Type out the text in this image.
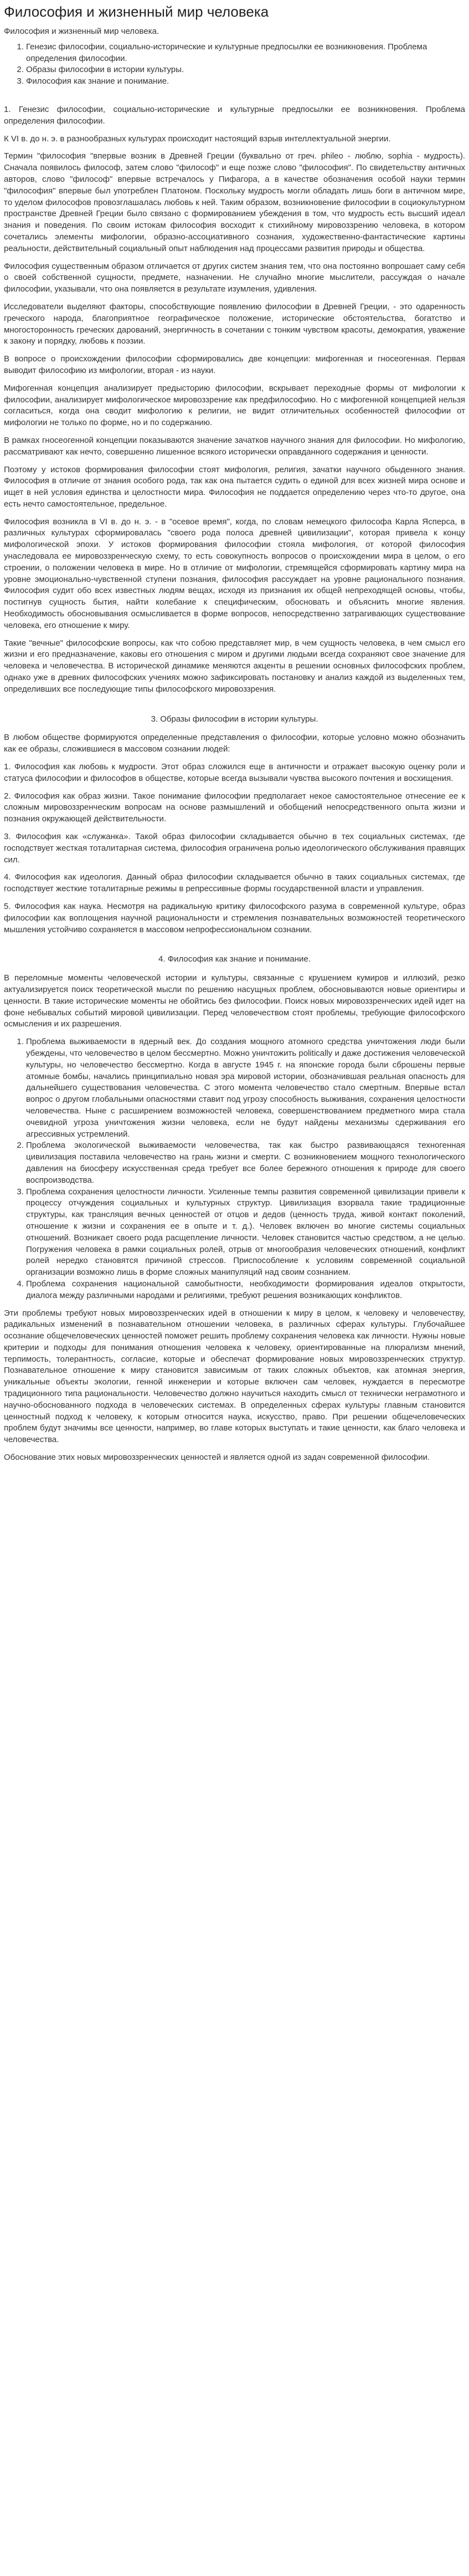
Философия и жизненный мир человека

Философия и жизненный мир человека.

1. Генезис философии, социально-исторические и культурные предпосылки ее возникновения. Проблема определения философии.
2. Образы философии в истории культуры.
3. Философия как знание и понимание.

1. Генезис философии, социально-исторические и культурные предпосылки ее возникновения. Проблема определения философии.

К VI в. до н. э. в разнообразных культурах происходит настоящий взрыв интеллектуальной энергии.

Термин "философия "впервые возник в Древней Греции (буквально от греч. phileo - люблю, sophia - мудрость). Сначала появилось философ, затем слово "философ" и еще позже слово "философия". По свидетельству античных авторов, слово "философ" впервые встречалось у Пифагора, а в качестве обозначения особой науки термин "философия" впервые был употреблен Платоном. Поскольку мудрость могли обладать лишь боги в античном мире, то уделом философов провозглашалась любовь к ней. Таким образом, возникновение философии в социокультурном пространстве Древней Греции было связано с формированием убеждения в том, что мудрость есть высший идеал знания и поведения. По своим истокам философия восходит к стихийному мировоззрению человека, в котором сочетались элементы мифологии, образно-ассоциативного сознания, художественно-фантастические картины реальности, действительный социальный опыт наблюдения над процессами развития природы и общества.

Философия существенным образом отличается от других систем знания тем, что она постоянно вопрошает саму себя о своей собственной сущности, предмете, назначении. Не случайно многие мыслители, рассуждая о начале философии, указывали, что она появляется в результате изумления, удивления.

Исследователи выделяют факторы, способствующие появлению философии в Древней Греции, - это одаренность греческого народа, благоприятное географическое положение, исторические обстоятельства, богатство и многосторонность греческих дарований, энергичность в сочетании с тонким чувством красоты, демократия, уважение к закону и порядку, любовь к поэзии.

В вопросе о происхождении философии сформировались две концепции: мифогенная и гносеогенная. Первая выводит философию из мифологии, вторая - из науки.

Мифогенная концепция анализирует предысторию философии, вскрывает переходные формы от мифологии к философии, анализирует мифологическое мировоззрение как предфилософию. Но с мифогенной концепцией нельзя согласиться, когда она сводит мифологию к религии, не видит отличительных особенностей философии от мифологии не только по форме, но и по содержанию.

В рамках гносеогенной концепции показываются значение зачатков научного знания для философии. Но мифологию, рассматривают как нечто, совершенно лишенное всякого исторически оправданного содержания и ценности.

Поэтому у истоков формирования философии стоят мифология, религия, зачатки научного обыденного знания. Философия в отличие от знания особого рода, так как она пытается судить о единой для всех жизней мира основе и ищет в ней условия единства и целостности мира. Философия не поддается определению через что-то другое, она есть нечто самостоятельное, предельное.

Философия возникла в VI в. до н. э. - в "осевое время", когда, по словам немецкого философа Карла Ясперса, в различных культурах сформировалась "своего рода полоса древней цивилизации", которая привела к концу мифологической эпохи. У истоков формирования философии стояла мифология, от которой философия унаследовала ее мировоззренческую схему, то есть совокупность вопросов о происхождении мира в целом, о его строении, о положении человека в мире. Но в отличие от мифологии, стремящейся сформировать картину мира на уровне эмоционально-чувственной ступени познания, философия рассуждает на уровне рационального познания. Философия судит обо всех известных людям вещах, исходя из признания их общей непреходящей основы, чтобы, постигнув сущность бытия, найти колебание к специфическим, обосновать и объяснить многие явления. Необходимость обосновывания осмысливается в форме вопросов, непосредственно затрагивающих существование человека, его отношение к миру.

Такие "вечные" философские вопросы, как что собою представляет мир, в чем сущность человека, в чем смысл его жизни и его предназначение, каковы его отношения с миром и другими людьми всегда сохраняют свое значение для человека и человечества. В исторической динамике меняются акценты в решении основных философских проблем, однако уже в древних философских учениях можно зафиксировать постановку и анализ каждой из выделенных тем, определивших все последующие типы философского мировоззрения.

3. Образы философии в истории культуры.

В любом обществе формируются определенные представления о философии, которые условно можно обозначить как ее образы, сложившиеся в массовом сознании людей:

1. Философия как любовь к мудрости. Этот образ сложился еще в античности и отражает высокую оценку роли и статуса философии и философов в обществе, которые всегда вызывали чувства высокого почтения и восхищения.

2. Философия как образ жизни. Такое понимание философии предполагает некое самостоятельное отнесение ее к сложным мировоззренческим вопросам на основе размышлений и обобщений непосредственного опыта жизни и познания окружающей действительности.

3. Философия как «служанка». Такой образ философии складывается обычно в тех социальных системах, где господствует жесткая тоталитарная система, философия ограничена ролью идеологического обслуживания правящих сил.

4. Философия как идеология. Данный образ философии складывается обычно в таких социальных системах, где господствует жесткие тоталитарные режимы в репрессивные формы государственной власти и управления.

5. Философия как наука. Несмотря на радикальную критику философского разума в современной культуре, образ философии как воплощения научной рациональности и стремления познавательных возможностей теоретического мышления устойчиво сохраняется в массовом непрофессиональном сознании.

4. Философия как знание и понимание.

В переломные моменты человеческой истории и культуры, связанные с крушением кумиров и иллюзий, резко актуализируется поиск теоретической мысли по решению насущных проблем, обосновываются новые ориентиры и ценности. В такие исторические моменты не обойтись без философии. Поиск новых мировоззренческих идей идет на фоне небывалых событий мировой цивилизации. Перед человечеством стоят проблемы, требующие философского осмысления и их разрешения.

1. Проблема выживаемости в ядерный век. До создания мощного атомного средства уничтожения люди были убеждены, что человечество в целом бессмертно. Можно уничтожить politically и даже достижения человеческой культуры, но человечество бессмертно. Когда в августе 1945 г. на японские города были сброшены первые атомные бомбы, начались принципиально новая эра мировой истории, обозначившая реальная опасность для дальнейшего существования человечества. С этого момента человечество стало смертным. Впервые встал вопрос о другом глобальными опасностями ставит под угрозу способность выживания, сохранения целостности человечества. Ныне с расширением возможностей человека, совершенствованием предметного мира стала очевидной угроза уничтожения жизни человека, если не будут найдены механизмы сдерживания его агрессивных устремлений.
2. Проблема экологической выживаемости человечества, так как быстро развивающаяся техногенная цивилизация поставила человечество на грань жизни и смерти. С возникновением мощного технологического давления на биосферу искусственная среда требует все более бережного отношения к природе для своего воспроизводства.
3. Проблема сохранения целостности личности. Усиленные темпы развития современной цивилизации привели к процессу отчуждения социальных и культурных структур. Цивилизация взорвала такие традиционные структуры, как трансляция вечных ценностей от отцов и дедов (ценность труда, живой контакт поколений, отношение к жизни и сохранения ее в опыте и т. д.). Человек включен во многие системы социальных отношений. Возникает своего рода расщепление личности. Человек становится частью средством, а не целью. Погружения человека в рамки социальных ролей, отрыв от многообразия человеческих отношений, конфликт ролей нередко становятся причиной стрессов. Приспособление к условиям современной социальной организации возможно лишь в форме сложных манипуляций над своим сознанием.
4. Проблема сохранения национальной самобытности, необходимости формирования идеалов открытости, диалога между различными народами и религиями, требуют решения возникающих конфликтов.

Эти проблемы требуют новых мировоззренческих идей в отношении к миру в целом, к человеку и человечеству, радикальных изменений в познавательном отношении человека, в различных сферах культуры. Глубочайшее осознание общечеловеческих ценностей поможет решить проблему сохранения человека как личности. Нужны новые критерии и подходы для понимания отношения человека к человеку, ориентированные на плюрализм мнений, терпимость, толерантность, согласие, которые и обеспечат формирование новых мировоззренческих структур. Познавательное отношение к миру становится зависимым от таких сложных объектов, как атомная энергия, уникальные объекты экологии, генной инженерии и которые включен сам человек, нуждается в пересмотре традиционного типа рациональности. Человечество должно научиться находить смысл от технически неграмотного и научно-обоснованного подхода в человеческих системах. В определенных сферах культуры главным становится ценностный подход к человеку, к которым относится наука, искусство, право. При решении общечеловеческих проблем будут значимы все ценности, например, во главе которых выступать и такие ценности, как благо человека и человечества.

Обоснование этих новых мировоззренческих ценностей и является одной из задач современной философии.
